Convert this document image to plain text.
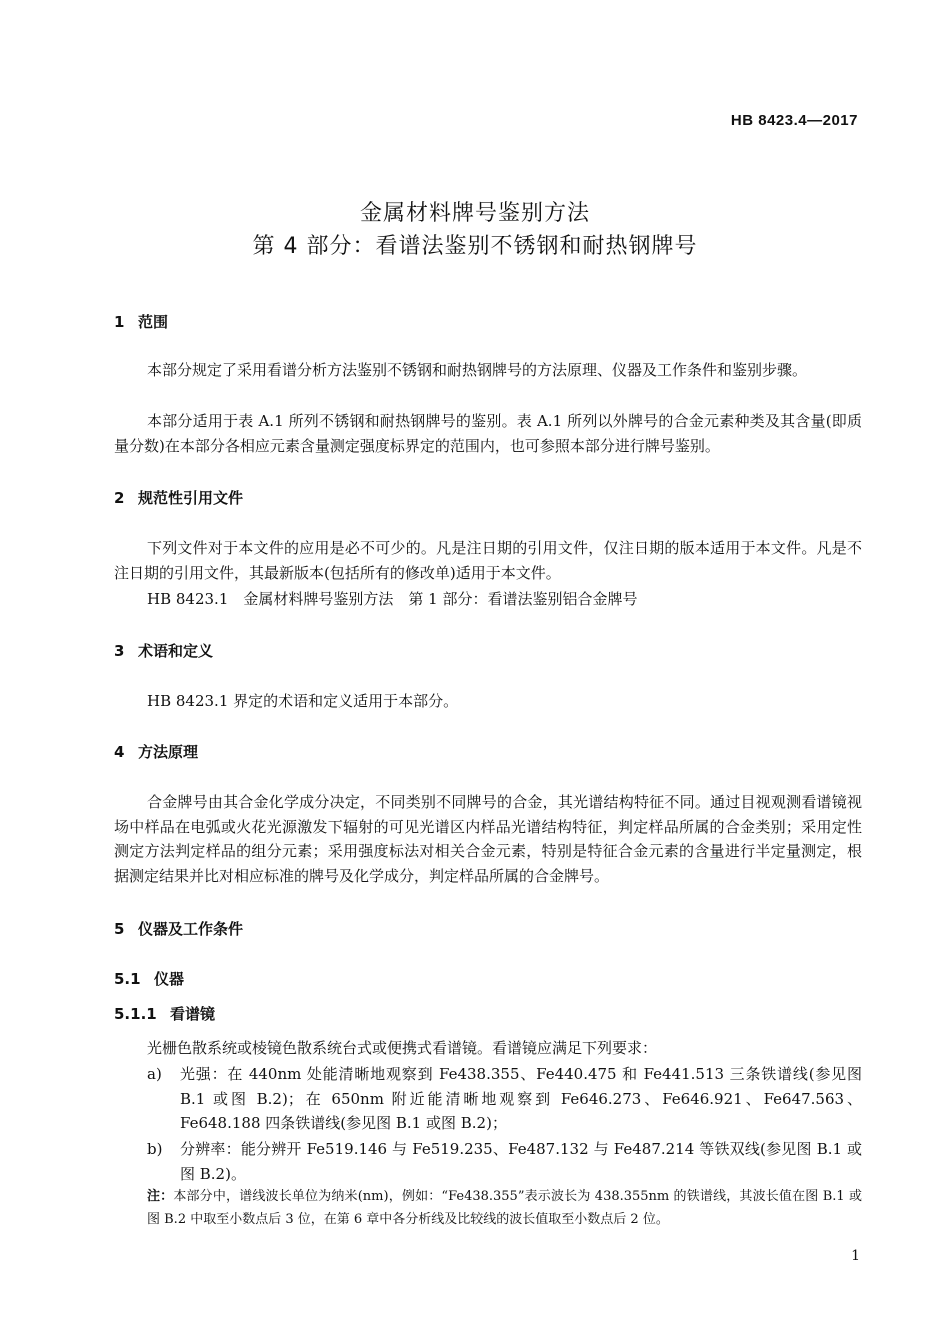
HB 8423.4—2017
金属材料牌号鉴别方法
第 4 部分：看谱法鉴别不锈钢和耐热钢牌号
1 范围
本部分规定了采用看谱分析方法鉴别不锈钢和耐热钢牌号的方法原理、仪器及工作条件和鉴别步骤。
本部分适用于表 A.1 所列不锈钢和耐热钢牌号的鉴别。表 A.1 所列以外牌号的合金元素种类及其含量(即质量分数)在本部分各相应元素含量测定强度标界定的范围内，也可参照本部分进行牌号鉴别。
2 规范性引用文件
下列文件对于本文件的应用是必不可少的。凡是注日期的引用文件，仅注日期的版本适用于本文件。凡是不注日期的引用文件，其最新版本(包括所有的修改单)适用于本文件。
HB 8423.1　金属材料牌号鉴别方法　第 1 部分：看谱法鉴别铝合金牌号
3 术语和定义
HB 8423.1 界定的术语和定义适用于本部分。
4 方法原理
合金牌号由其合金化学成分决定，不同类别不同牌号的合金，其光谱结构特征不同。通过目视观测看谱镜视场中样品在电弧或火花光源激发下辐射的可见光谱区内样品光谱结构特征，判定样品所属的合金类别；采用定性测定方法判定样品的组分元素；采用强度标法对相关合金元素，特别是特征合金元素的含量进行半定量测定，根据测定结果并比对相应标准的牌号及化学成分，判定样品所属的合金牌号。
5 仪器及工作条件
5.1 仪器
5.1.1 看谱镜
光栅色散系统或棱镜色散系统台式或便携式看谱镜。看谱镜应满足下列要求：
a) 光强：在 440nm 处能清晰地观察到 Fe438.355、Fe440.475 和 Fe441.513 三条铁谱线(参见图 B.1 或图 B.2)；在 650nm 附近能清晰地观察到 Fe646.273、Fe646.921、Fe647.563、Fe648.188 四条铁谱线(参见图 B.1 或图 B.2)；
b) 分辨率：能分辨开 Fe519.146 与 Fe519.235、Fe487.132 与 Fe487.214 等铁双线(参见图 B.1 或图 B.2)。
注：本部分中，谱线波长单位为纳米(nm)，例如：“Fe438.355”表示波长为 438.355nm 的铁谱线，其波长值在图 B.1 或图 B.2 中取至小数点后 3 位，在第 6 章中各分析线及比较线的波长值取至小数点后 2 位。
1
